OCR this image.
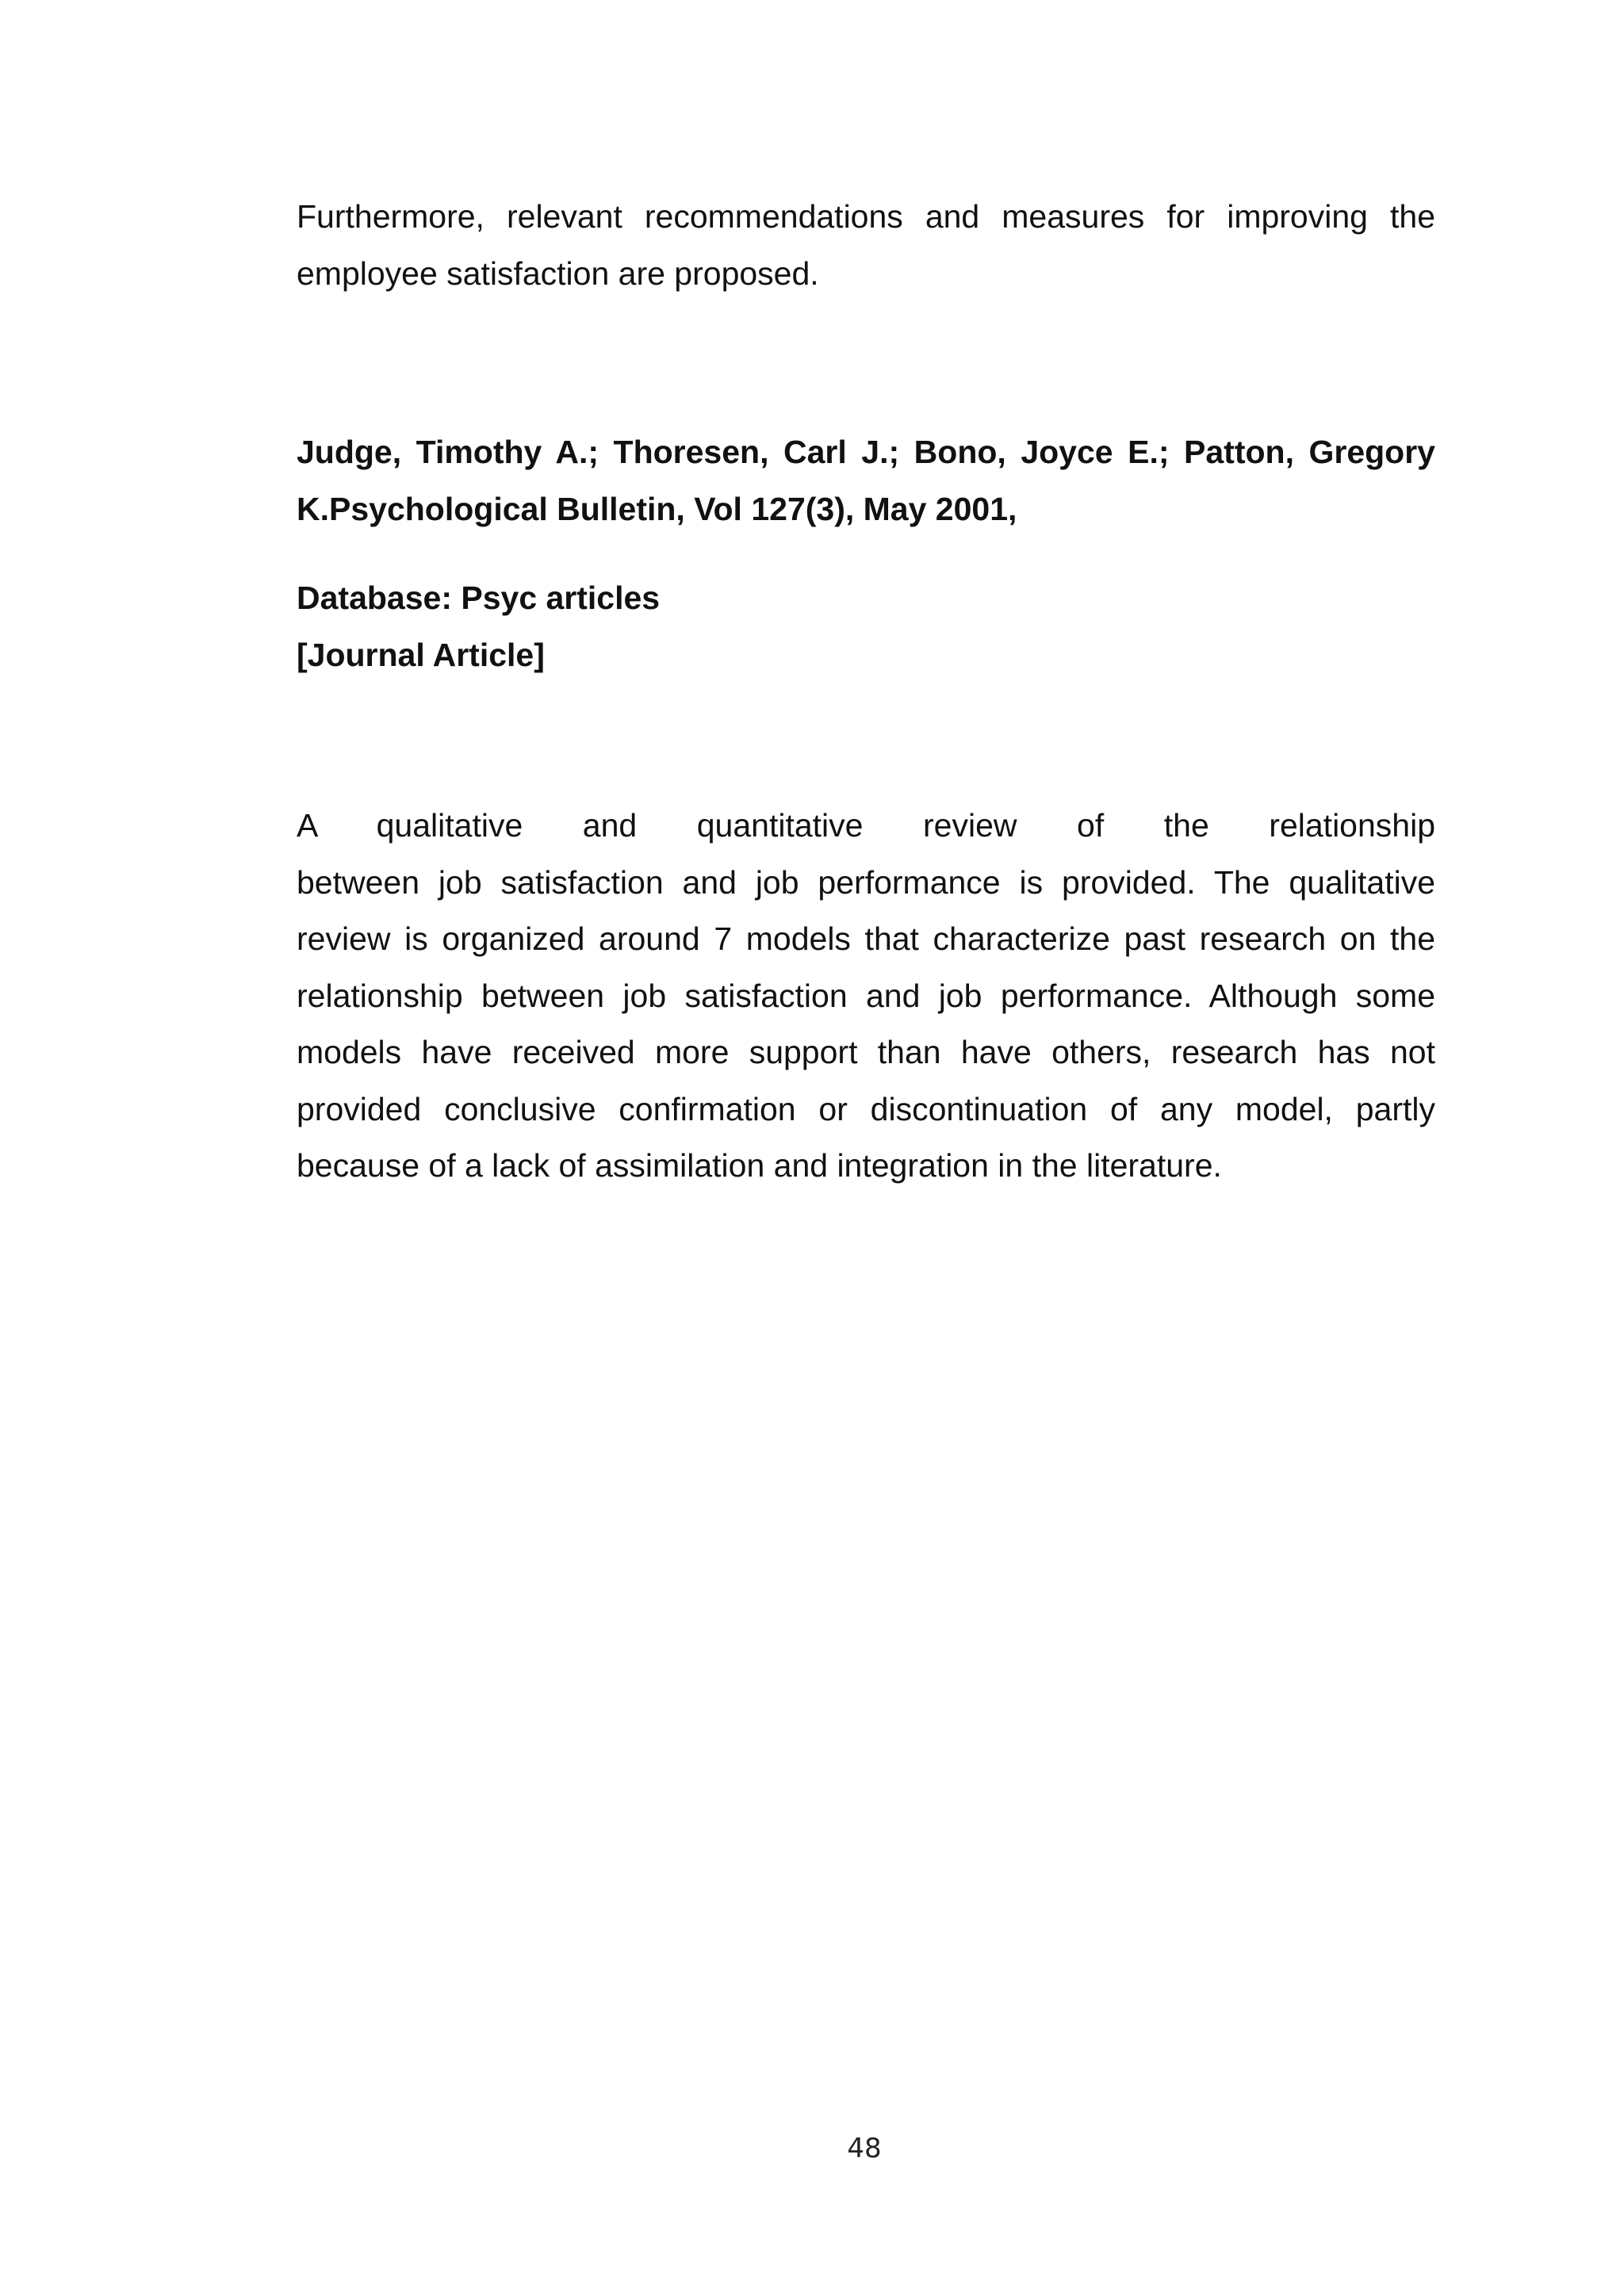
Furthermore, relevant recommendations and measures for improving the employee satisfaction are proposed.

Judge, Timothy A.; Thoresen, Carl J.; Bono, Joyce E.; Patton, Gregory K.Psychological Bulletin, Vol 127(3), May 2001,

Database: Psyc articles
[Journal Article]
A qualitative and quantitative review of the relationship
between job satisfaction and job performance is provided. The qualitative review is organized around 7 models that characterize past research on the relationship between job satisfaction and job performance. Although some models have received more support than have others, research has not provided conclusive confirmation or discontinuation of any model, partly because of a lack of assimilation and integration in the literature.
48
